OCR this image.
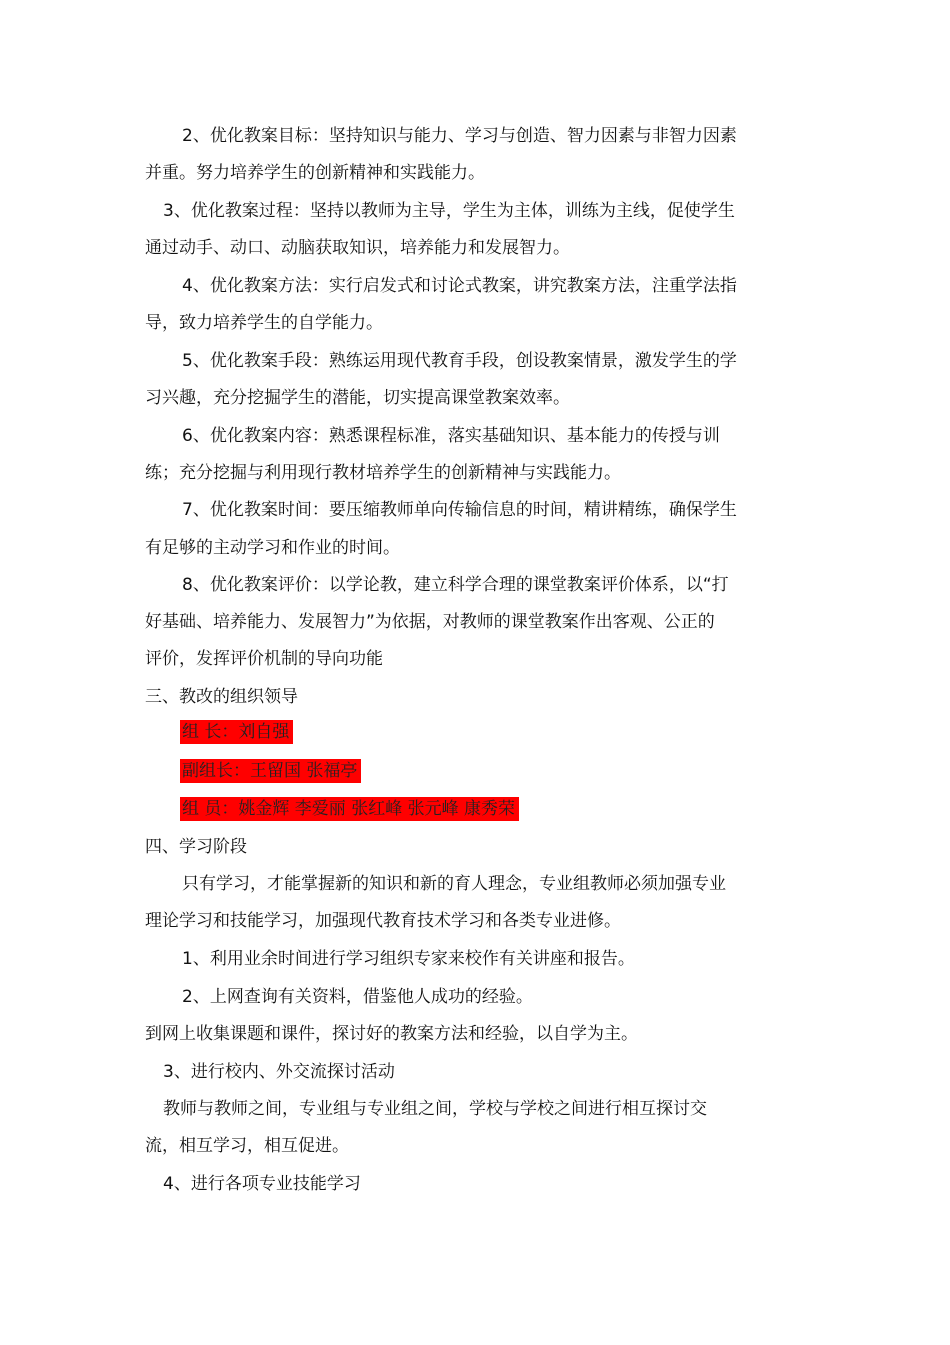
2、优化教案目标：坚持知识与能力、学习与创造、智力因素与非智力因素
并重。努力培养学生的创新精神和实践能力。
3、优化教案过程：坚持以教师为主导，学生为主体，训练为主线，促使学生
通过动手、动口、动脑获取知识，培养能力和发展智力。
4、优化教案方法：实行启发式和讨论式教案，讲究教案方法，注重学法指
导，致力培养学生的自学能力。
5、优化教案手段：熟练运用现代教育手段，创设教案情景，激发学生的学
习兴趣，充分挖掘学生的潜能，切实提高课堂教案效率。
6、优化教案内容：熟悉课程标准，落实基础知识、基本能力的传授与训
练；充分挖掘与利用现行教材培养学生的创新精神与实践能力。
7、优化教案时间：要压缩教师单向传输信息的时间，精讲精练，确保学生
有足够的主动学习和作业的时间。
8、优化教案评价：以学论教，建立科学合理的课堂教案评价体系，以“打
好基础、培养能力、发展智力”为依据，对教师的课堂教案作出客观、公正的
评价，发挥评价机制的导向功能
三、教改的组织领导
组 长：刘自强
副组长：王留国 张福亭
组 员：姚金辉 李爱丽 张红峰 张元峰 康秀荣
四、学习阶段
只有学习，才能掌握新的知识和新的育人理念，专业组教师必须加强专业
理论学习和技能学习，加强现代教育技术学习和各类专业进修。
1、利用业余时间进行学习组织专家来校作有关讲座和报告。
2、上网查询有关资料，借鉴他人成功的经验。
到网上收集课题和课件，探讨好的教案方法和经验，以自学为主。
3、进行校内、外交流探讨活动
教师与教师之间，专业组与专业组之间，学校与学校之间进行相互探讨交
流，相互学习，相互促进。
4、进行各项专业技能学习
